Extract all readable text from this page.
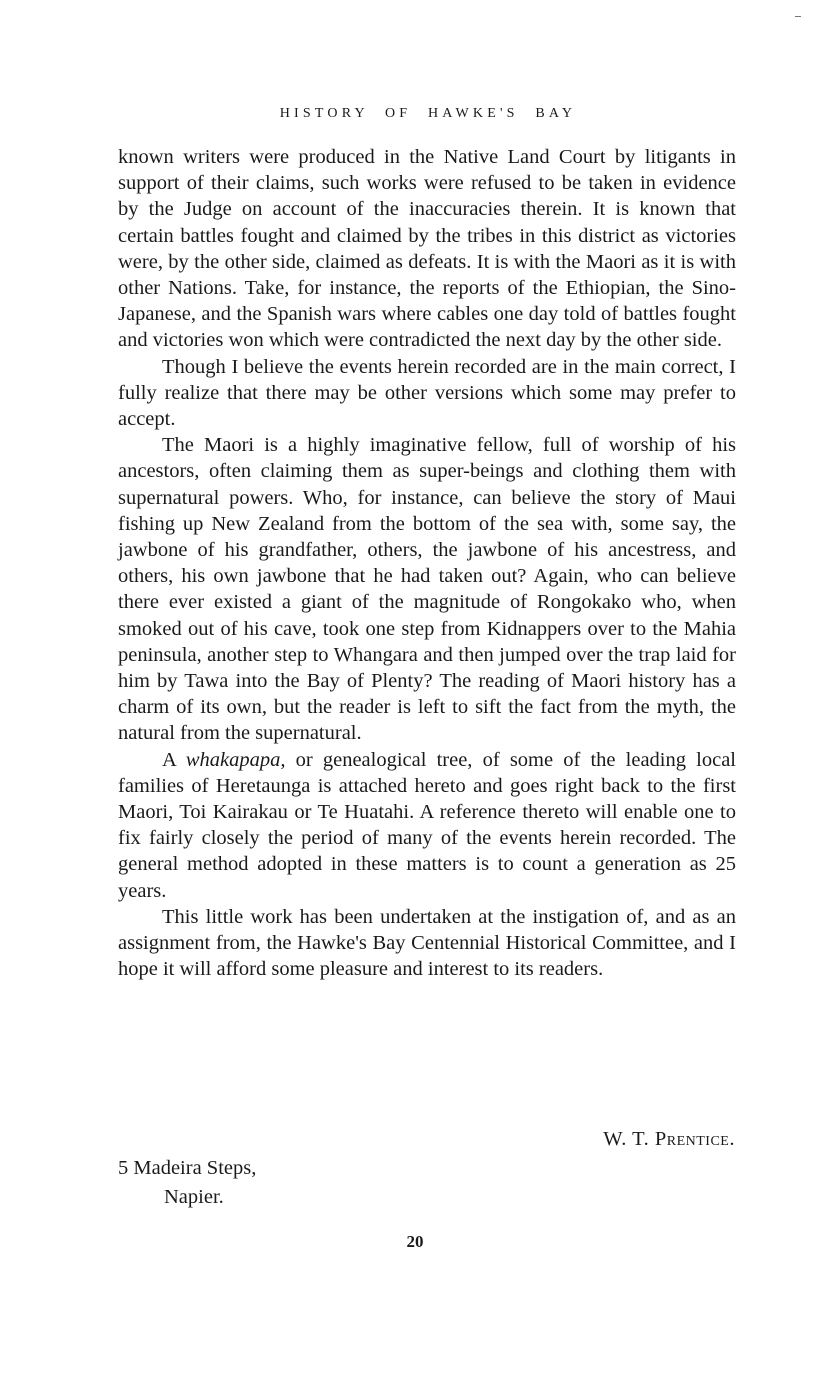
HISTORY OF HAWKE'S BAY

known writers were produced in the Native Land Court by litigants in support of their claims, such works were refused to be taken in evidence by the Judge on account of the inaccuracies therein. It is known that certain battles fought and claimed by the tribes in this district as victories were, by the other side, claimed as defeats. It is with the Maori as it is with other Nations. Take, for instance, the reports of the Ethiopian, the Sino-Japanese, and the Spanish wars where cables one day told of battles fought and victories won which were contradicted the next day by the other side.

Though I believe the events herein recorded are in the main correct, I fully realize that there may be other versions which some may prefer to accept.

The Maori is a highly imaginative fellow, full of worship of his ancestors, often claiming them as super-beings and clothing them with supernatural powers. Who, for instance, can believe the story of Maui fishing up New Zealand from the bottom of the sea with, some say, the jawbone of his grandfather, others, the jawbone of his ancestress, and others, his own jawbone that he had taken out? Again, who can believe there ever existed a giant of the magnitude of Rongokako who, when smoked out of his cave, took one step from Kidnappers over to the Mahia peninsula, another step to Whangara and then jumped over the trap laid for him by Tawa into the Bay of Plenty? The reading of Maori history has a charm of its own, but the reader is left to sift the fact from the myth, the natural from the supernatural.

A whakapapa, or genealogical tree, of some of the leading local families of Heretaunga is attached hereto and goes right back to the first Maori, Toi Kairakau or Te Huatahi. A reference thereto will enable one to fix fairly closely the period of many of the events herein recorded. The general method adopted in these matters is to count a generation as 25 years.

This little work has been undertaken at the instigation of, and as an assignment from, the Hawke's Bay Centennial Historical Committee, and I hope it will afford some pleasure and interest to its readers.

W. T. Prentice.
5 Madeira Steps,
Napier.
20
